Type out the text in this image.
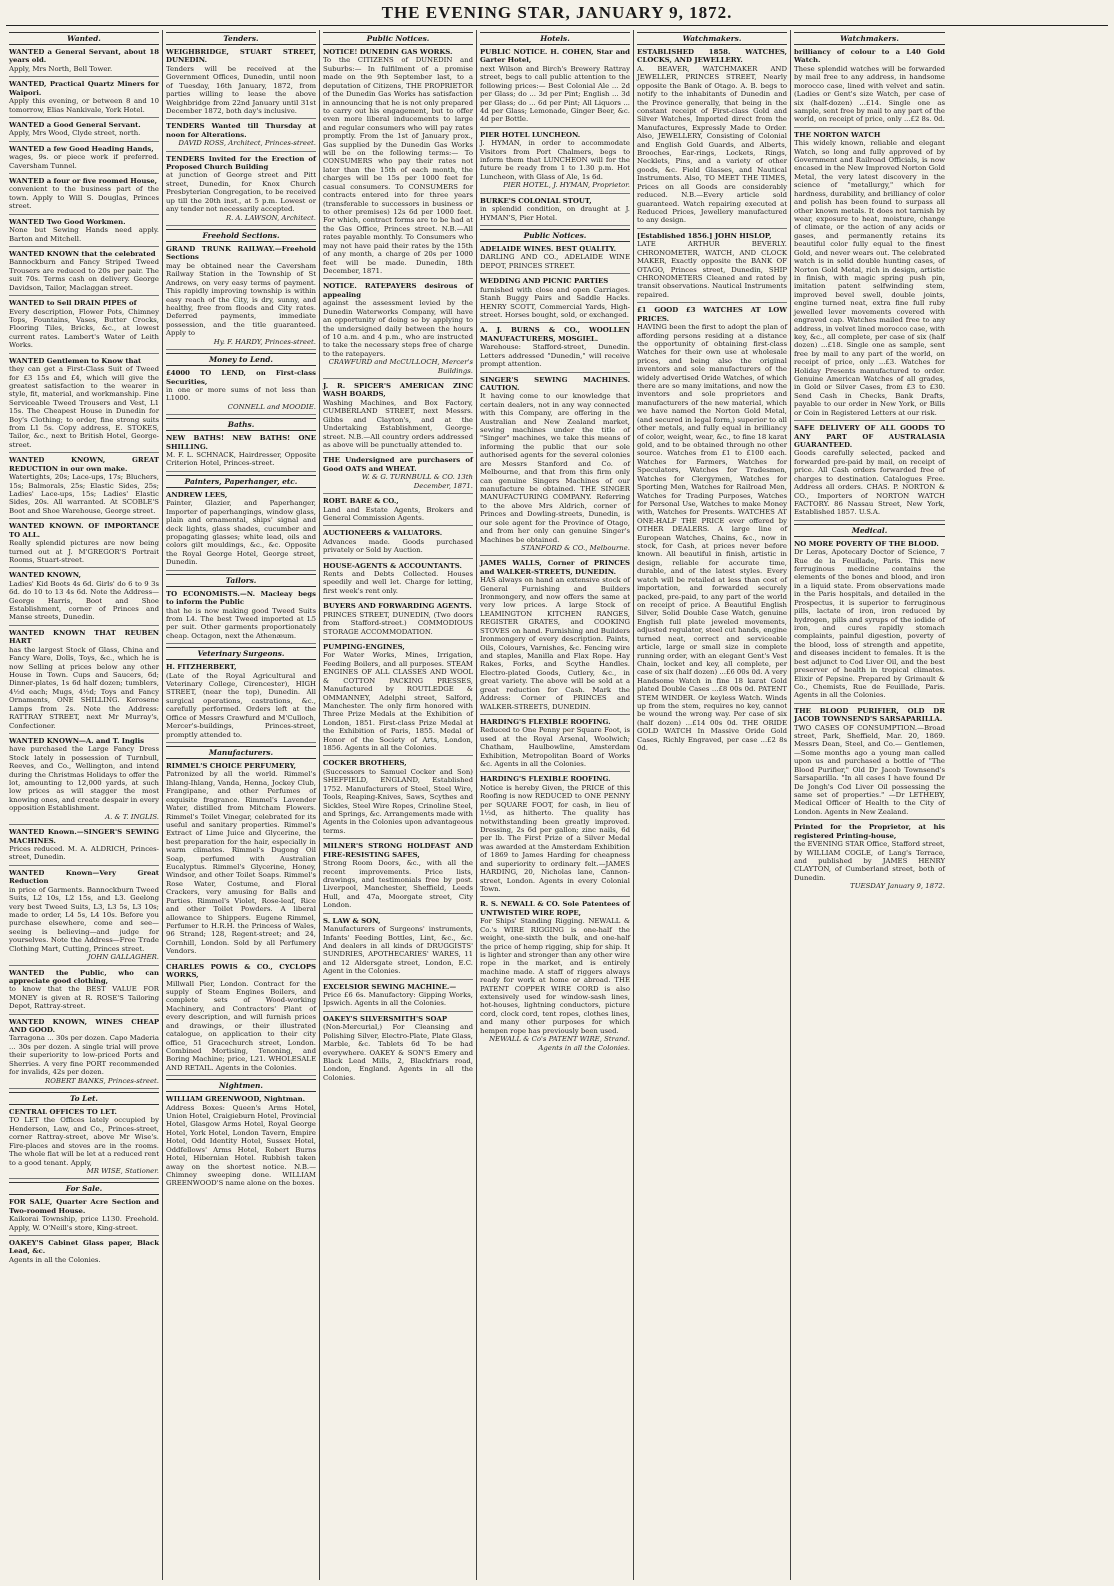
THE EVENING STAR, JANUARY 9, 1872.
Wanted.
WANTED a General Servant, about 18 years old.
Apply, Mrs North, Bell Tower.
WANTED, Practical Quartz Miners for Waipori.
Apply this evening, or between 8 and 10 tomorrow, Elias Nankivale, York Hotel.
WANTED a Good General Servant.
Apply, Mrs Wood, Clyde street, north.
WANTED a few Good Heading Hands,
wages, 9s. or piece work if preferred. Caversham Tunnel.
WANTED a four or five roomed House,
convenient to the business part of the town. Apply to Will S. Douglas, Princes street.
WANTED Two Good Workmen.
None but Sewing Hands need apply. Barton and Mitchell.
WANTED KNOWN that the celebrated
Bannockburn and Fancy Striped Tweed Trousers are reduced to 20s per pair. The suit 70s. Terms cash on delivery. George Davidson, Tailor, Maclaggan street.
WANTED to Sell DRAIN PIPES of
Every description, Flower Pots, Chimney Tops, Fountains, Vases, Butter Crocks, Flooring Tiles, Bricks, &c., at lowest current rates. Lambert's Water of Leith Works.
WANTED Gentlemen to Know that
they can get a First-Class Suit of Tweed for £3 15s and £4, which will give the greatest satisfaction to the wearer in style, fit, material, and workmanship. Fine Serviceable Tweed Trousers and Vest, L1 15s. The Cheapest House in Dunedin for Boy's Clothing; to order, fine strong suits from L1 5s. Copy address, E. STOKES, Tailor, &c., next to British Hotel, George-street.
WANTED KNOWN, GREAT REDUCTION in our own make.
Watertights, 20s; Lace-ups, 17s; Bluchers, 15s; Balmorals, 25s; Elastic Sides, 25s; Ladies' Lace-ups, 15s; Ladies' Elastic Sides, 20s. All warranted. At SCOBLE'S Boot and Shoe Warehouse, George street.
WANTED KNOWN. OF IMPORTANCE TO ALL.
Really splendid pictures are now being turned out at J. M'GREGOR'S Portrait Rooms, Stuart-street.
WANTED KNOWN,
Ladies' Kid Boots 4s 6d. Girls' do 6 to 9 3s 6d. do 10 to 13 4s 6d. Note the Address—George Harris, Boot and Shoe Establishment, corner of Princes and Manse streets, Dunedin.
WANTED KNOWN THAT REUBEN HART
has the largest Stock of Glass, China and Fancy Ware, Dolls, Toys, &c., which he is now Selling at prices below any other House in Town. Cups and Saucers, 6d; Dinner-plates, 1s 6d half dozen; tumblers, 4½d each; Mugs, 4½d; Toys and Fancy Ornaments, ONE SHILLING. Kerosene Lamps from 2s. Note the Address: RATTRAY STREET, next Mr Murray's, Confectioner.
WANTED KNOWN—A. and T. Inglis
have purchased the Large Fancy Dress Stock lately in possession of Turnbull, Reeves, and Co., Wellington, and intend during the Christmas Holidays to offer the lot, amounting to 12,000 yards, at such low prices as will stagger the most knowing ones, and create despair in every opposition Establishment.
A. & T. INGLIS.
WANTED Known.—SINGER'S SEWING MACHINES.
Prices reduced. M. A. ALDRICH, Princes-street, Dunedin.
WANTED Known—Very Great Reduction
in price of Garments. Bannockburn Tweed Suits, L2 10s, L2 15s, and L3. Geelong very best Tweed Suits, L3, L3 5s, L3 10s; made to order, L4 5s, L4 10s. Before you purchase elsewhere, come and see—seeing is believing—and judge for yourselves. Note the Address—Free Trade Clothing Mart, Cutting, Princes street.
JOHN GALLAGHER.
WANTED the Public, who can appreciate good clothing,
to know that the BEST VALUE FOR MONEY is given at R. ROSE'S Tailoring Depot, Rattray-street.
WANTED KNOWN, WINES CHEAP AND GOOD.
Tarragona ... 30s per dozen. Capo Maderia ... 30s per dozen. A single trial will prove their superiority to low-priced Ports and Sherries. A very fine PORT recommended for invalids, 42s per dozen.
ROBERT BANKS, Princes-street.
To Let.
CENTRAL OFFICES TO LET.
TO LET the Offices lately occupied by Henderson, Law, and Co., Princes-street, corner Rattray-street, above Mr Wise's. Fire-places and stoves are in the rooms. The whole flat will be let at a reduced rent to a good tenant. Apply,
MR WISE, Stationer.
For Sale.
FOR SALE, Quarter Acre Section and Two-roomed House.
Kaikorai Township, price L130. Freehold. Apply, W. O'Neill's store, King-street.
OAKEY'S Cabinet Glass paper, Black Lead, &c.
Agents in all the Colonies.
Tenders.
WEIGHBRIDGE, STUART STREET, DUNEDIN.
Tenders will be received at the Government Offices, Dunedin, until noon of Tuesday, 16th January, 1872, from parties willing to lease the above Weighbridge from 22nd January until 31st December 1872, both day's inclusive.
TENDERS Wanted till Thursday at noon for Alterations.
DAVID ROSS, Architect, Princes-street.
TENDERS Invited for the Erection of Proposed Church Building
at junction of George street and Pitt street, Dunedin, for Knox Church Presbyterian Congregation, to be received up till the 20th inst., at 5 p.m. Lowest or any tender not necessarily accepted.
R. A. LAWSON, Architect.
Freehold Sections.
GRAND TRUNK RAILWAY.—Freehold Sections
may be obtained near the Caversham Railway Station in the Township of St Andrews, on very easy terms of payment. This rapidly improving township is within easy reach of the City, is dry, sunny, and healthy, free from floods and City rates. Deferred payments, immediate possession, and the title guaranteed. Apply to
Hy. F. HARDY, Princes-street.
Money to Lend.
£4000 TO LEND, on First-class Securities,
in one or more sums of not less than L1000.
CONNELL and MOODIE.
Baths.
NEW BATHS! NEW BATHS! ONE SHILLING.
M. F. L. SCHNACK, Hairdresser, Opposite Criterion Hotel, Princes-street.
Painters, Paperhanger, etc.
ANDREW LEES,
Painter, Glazier, and Paperhanger, Importer of paperhangings, window glass, plain and ornamental, ships' signal and deck lights, glass shades, cucumber and propagating glasses; white lead, oils and colors gilt mouldings, &c., &c. Opposite the Royal George Hotel, George street, Dunedin.
Tailors.
TO ECONOMISTS.—N. Macleay begs to inform the Public
that he is now making good Tweed Suits from L4. The best Tweed imported at L5 per suit. Other garments proportionately cheap. Octagon, next the Athenæum.
Veterinary Surgeons.
H. FITZHERBERT,
(Late of the Royal Agricultural and Veterinary College, Cirencester), HIGH STREET, (near the top), Dunedin. All surgical operations, castrations, &c., carefully performed. Orders left at the Office of Messrs Crawfurd and M'Culloch, Mercer's-buildings, Princes-street, promptly attended to.
Manufacturers.
RIMMEL'S CHOICE PERFUMERY,
Patronized by all the world. Rimmel's Ihlang-Ihlang, Vanda, Henna, Jockey Club, Frangipane, and other Perfumes of exquisite fragrance. Rimmel's Lavender Water, distilled from Mitcham Flowers. Rimmel's Toilet Vinegar, celebrated for its useful and sanitary properties. Rimmel's Extract of Lime Juice and Glycerine, the best preparation for the hair, especially in warm climates. Rimmel's Dugong Oil Soap, perfumed with Australian Eucalyptus. Rimmel's Glycerine, Honey, Windsor, and other Toilet Soaps. Rimmel's Rose Water, Costume, and Floral Crackers, very amusing for Balls and Parties. Rimmel's Violet, Rose-leaf, Rice and other Toilet Powders. A liberal allowance to Shippers. Eugene Rimmel, Perfumer to H.R.H. the Princess of Wales, 96 Strand; 128, Regent-street; and 24, Cornhill, London. Sold by all Perfumery Vendors.
CHARLES POWIS & CO., CYCLOPS WORKS,
Millwall Pier, London. Contract for the supply of Steam Engines Boilers, and complete sets of Wood-working Machinery, and Contractors' Plant of every description, and will furnish prices and drawings, or their illustrated catalogue, on application to their city office, 51 Gracechurch street, London. Combined Mortising, Tenoning, and Boring Machine; price, L21. WHOLESALE AND RETAIL. Agents in the Colonies.
Nightmen.
WILLIAM GREENWOOD, Nightman.
Address Boxes: Queen's Arms Hotel, Union Hotel, Craigieburn Hotel, Provincial Hotel, Glasgow Arms Hotel, Royal George Hotel, York Hotel, London Tavern, Empire Hotel, Odd Identity Hotel, Sussex Hotel, Oddfellows' Arms Hotel, Robert Burns Hotel, Hibernian Hotel. Rubbish taken away on the shortest notice. N.B.—Chimney sweeping done. WILLIAM GREENWOOD'S name alone on the boxes.
Public Notices.
NOTICE! DUNEDIN GAS WORKS.
To the CITIZENS of DUNEDIN and Suburbs:— In fulfilment of a promise made on the 9th September last, to a deputation of Citizens, THE PROPRIETOR of the Dunedin Gas Works has satisfaction in announcing that he is not only prepared to carry out his engagement, but to offer even more liberal inducements to large and regular consumers who will pay rates promptly. From the 1st of January prox., Gas supplied by the Dunedin Gas Works will be on the following terms:— To CONSUMERS who pay their rates not later than the 15th of each month, the charges will be 15s per 1000 feet for casual consumers. To CONSUMERS for contracts entered into for three years (transferable to successors in business or to other premises) 12s 6d per 1000 feet. For which, contract forms are to be had at the Gas Office, Princes street. N.B.—All rates payable monthly. To Consumers who may not have paid their rates by the 15th of any month, a charge of 20s per 1000 feet will be made. Dunedin, 18th December, 1871.
NOTICE. RATEPAYERS desirous of appealing
against the assessment levied by the Dunedin Waterworks Company, will have an opportunity of doing so by applying to the undersigned daily between the hours of 10 a.m. and 4 p.m., who are instructed to take the necessary steps free of charge to the ratepayers.
CRAWFURD and McCULLOCH, Mercer's Buildings.
J. R. SPICER'S AMERICAN ZINC WASH BOARDS,
Washing Machines, and Box Factory, CUMBERLAND STREET, next Messrs. Gibbs and Clayton's, and at the Undertaking Establishment, George-street. N.B.—All country orders addressed as above will be punctually attended to.
THE Undersigned are purchasers of Good OATS and WHEAT.
W. & G. TURNBULL & CO. 13th December, 1871.
ROBT. BARE & CO.,
Land and Estate Agents, Brokers and General Commission Agents.
AUCTIONEERS & VALUATORS.
Advances made. Goods purchased privately or Sold by Auction.
HOUSE-AGENTS & ACCOUNTANTS.
Rents and Debts Collected. Houses speedily and well let. Charge for letting, first week's rent only.
BUYERS AND FORWARDING AGENTS.
PRINCES STREET, DUNEDIN, (Two doors from Stafford-street.) COMMODIOUS STORAGE ACCOMMODATION.
PUMPING-ENGINES,
For Water Works, Mines, Irrigation, Feeding Boilers, and all purposes. STEAM ENGINES OF ALL CLASSES AND WOOL & COTTON PACKING PRESSES, Manufactured by ROUTLEDGE & OMMANNEY, Adelphi street, Salford, Manchester. The only firm honored with Three Prize Medals at the Exhibition of London, 1851. First-class Prize Medal at the Exhibition of Paris, 1855. Medal of Honor of the Society of Arts, London, 1856. Agents in all the Colonies.
COCKER BROTHERS,
(Successors to Samuel Cocker and Son) SHEFFIELD, ENGLAND, Established 1752. Manufacturers of Steel, Steel Wire, Tools, Reaping-Knives, Saws, Scythes and Sickles, Steel Wire Ropes, Crinoline Steel, and Springs, &c. Arrangements made with Agents in the Colonies upon advantageous terms.
MILNER'S STRONG HOLDFAST AND FIRE-RESISTING SAFES,
Strong Room Doors, &c., with all the recent improvements. Price lists, drawings, and testimonials free by post. Liverpool, Manchester, Sheffield, Leeds Hull, and 47a, Moorgate street, City London.
S. LAW & SON,
Manufacturers of Surgeons' instruments, Infants' Feeding Bottles, Lint, &c., &c. And dealers in all kinds of DRUGGISTS' SUNDRIES, APOTHECARIES' WARES, 11 and 12 Aldersgate street, London, E.C. Agent in the Colonies.
EXCELSIOR SEWING MACHINE.—
Price £6 6s. Manufactory: Gipping Works, Ipswich. Agents in all the Colonies.
OAKEY'S SILVERSMITH'S SOAP
(Non-Mercurial,) For Cleansing and Polishing Silver, Electro-Plate, Plate Glass, Marble, &c. Tablets 6d To be had everywhere. OAKEY & SON'S Emery and Black Lead Mills, 2, Blackfriars road, London, England. Agents in all the Colonies.
Hotels.
PUBLIC NOTICE. H. COHEN, Star and Garter Hotel,
next Wilson and Birch's Brewery Rattray street, begs to call public attention to the following prices:— Best Colonial Ale ... 2d per Glass; do ... 3d per Pint; English ... 3d per Glass; do ... 6d per Pint; All Liquors ... 4d per Glass; Lemonade, Ginger Beer, &c. 4d per Bottle.
PIER HOTEL LUNCHEON.
J. HYMAN, in order to accommodate Visitors from Port Chalmers, begs to inform them that LUNCHEON will for the future be ready from 1 to 1.30 p.m. Hot Luncheon, with Glass of Ale, 1s 6d.
PIER HOTEL, J. HYMAN, Proprietor.
BURKE'S COLONIAL STOUT,
in splendid condition, on draught at J. HYMAN'S, Pier Hotel.
Public Notices.
ADELAIDE WINES. BEST QUALITY.
DARLING AND CO., ADELAIDE WINE DEPOT, PRINCES STREET.
WEDDING AND PICNIC PARTIES
furnished with close and open Carriages. Stanh Buggy Pairs and Saddle Hacks. HENRY SCOTT, Commercial Yards, High-street. Horses bought, sold, or exchanged.
A. J. BURNS & CO., WOOLLEN MANUFACTURERS, MOSGIEL.
Warehouse: Stafford-street, Dunedin. Letters addressed "Dunedin," will receive prompt attention.
SINGER'S SEWING MACHINES. CAUTION.
It having come to our knowledge that certain dealers, not in any way connected with this Company, are offering in the Australian and New Zealand market, sewing machines under the title of "Singer" machines, we take this means of informing the public that our sole authorised agents for the several colonies are Messrs Stanford and Co. of Melbourne, and that from this firm only can genuine Singers Machines of our manufacture be obtained. THE SINGER MANUFACTURING COMPANY. Referring to the above Mrs Aldrich, corner of Princes and Dowling-streets, Dunedin, is our sole agent for the Province of Otago, and from her only can genuine Singer's Machines be obtained.
STANFORD & CO., Melbourne.
JAMES WALLS, Corner of PRINCES and WALKER-STREETS, DUNEDIN.
HAS always on hand an extensive stock of General Furnishing and Builders Ironmongery, and now offers the same at very low prices. A large Stock of LEAMINGTON KITCHEN RANGES, REGISTER GRATES, and COOKING STOVES on hand. Furnishing and Builders Ironmongery of every description. Paints, Oils, Colours, Varnishes, &c. Fencing wire and staples, Manilla and Flax Rope. Hay Rakes, Forks, and Scythe Handles. Electro-plated Goods, Cutlery, &c., in great variety. The above will be sold at a great reduction for Cash. Mark the Address: Corner of PRINCES and WALKER-STREETS, DUNEDIN.
HARDING'S FLEXIBLE ROOFING.
Reduced to One Penny per Square Foot, is used at the Royal Arsenal, Woolwich; Chatham, Haulbowline, Amsterdam Exhibition, Metropolitan Board of Works &c. Agents in all the Colonies.
HARDING'S FLEXIBLE ROOFING.
Notice is hereby Given, the PRICE of this Roofing is now REDUCED to ONE PENNY per SQUARE FOOT, for cash, in lieu of 1½d, as hitherto. The quality has notwithstanding been greatly improved. Dressing, 2s 6d per gallon; zinc nails, 6d per lb. The First Prize of a Silver Medal was awarded at the Amsterdam Exhibition of 1869 to James Harding for cheapness and superiority to ordinary felt.—JAMES HARDING, 20, Nicholas lane, Cannon-street, London. Agents in every Colonial Town.
R. S. NEWALL & CO. Sole Patentees of UNTWISTED WIRE ROPE,
For Ships' Standing Rigging. NEWALL & Co.'s WIRE RIGGING is one-half the weight, one-sixth the bulk, and one-half the price of hemp rigging, ship for ship. It is lighter and stronger than any other wire rope in the market, and is entirely machine made. A staff of riggers always ready for work at home or abroad. THE PATENT COPPER WIRE CORD is also extensively used for window-sash lines, hot-houses, lightning conductors, picture cord, clock cord, tent ropes, clothes lines, and many other purposes for which hempen rope has previously been used.
NEWALL & Co's PATENT WIRE, Strand. Agents in all the Colonies.
Watchmakers.
ESTABLISHED 1858. WATCHES, CLOCKS, AND JEWELLERY.
A. BEAVER, WATCHMAKER AND JEWELLER, PRINCES STREET, Nearly opposite the Bank of Otago. A. B. begs to notify to the inhabitants of Dunedin and the Province generally, that being in the constant receipt of First-class Gold and Silver Watches, Imported direct from the Manufactures, Expressly Made to Order. Also, JEWELLERY, Consisting of Colonial and English Gold Guards, and Alberts, Brooches, Ear-rings, Lockets, Rings, Necklets, Pins, and a variety of other goods, &c. Field Glasses, and Nautical Instruments. Also, TO MEET THE TIMES, Prices on all Goods are considerably reduced. N.B.—Every article sold guaranteed. Watch repairing executed at Reduced Prices, Jewellery manufactured to any design.
[Established 1856.] JOHN HISLOP,
LATE ARTHUR BEVERLY. CHRONOMETER, WATCH, AND CLOCK MAKER, Exactly opposite the BANK OF OTAGO, Princes street, Dunedin, SHIP CHRONOMETERS Cleaned and rated by transit observations. Nautical Instruments repaired.
£1 GOOD £3 WATCHES AT LOW PRICES.
HAVING been the first to adopt the plan of affording persons residing at a distance the opportunity of obtaining first-class Watches for their own use at wholesale prices, and being also the original inventors and sole manufacturers of the widely advertised Oride Watches, of which there are so many imitations, and now the inventors and sole proprietors and manufacturers of the new material, which we have named the Norton Gold Metal, (and secured in legal form,) superior to all other metals, and fully equal in brilliancy of color, weight, wear, &c., to fine 18 karat gold, and to be obtained through no other source. Watches from £1 to £100 each. Watches for Farmers, Watches for Speculators, Watches for Tradesmen, Watches for Clergymen, Watches for Sporting Men, Watches for Railroad Men, Watches for Trading Purposes, Watches for Personal Use, Watches to make Money with, Watches for Presents. WATCHES AT ONE-HALF THE PRICE ever offered by OTHER DEALERS. A large line of European Watches, Chains, &c., now in stock, for Cash, at prices never before known. All beautiful in finish, artistic in design, reliable for accurate time, durable, and of the latest styles. Every watch will be retailed at less than cost of importation, and forwarded securely packed, pre-paid, to any part of the world on receipt of price. A Beautiful English Silver, Solid Double Case Watch, genuine English full plate jeweled movements, adjusted regulator, steel cut hands, engine turned neat, correct and serviceable article, large or small size in complete running order, with an elegant Gent's Vest Chain, locket and key, all complete, per case of six (half dozen) ...£6 00s 0d. A very Handsome Watch in fine 18 karat Gold plated Double Cases ...£8 00s 0d. PATENT STEM WINDER. Or keyless Watch. Winds up from the stem, requires no key, cannot be wound the wrong way. Per case of six (half dozen) ...£14 00s 0d. THE ORIDE GOLD WATCH In Massive Oride Gold Cases, Richly Engraved, per case ...£2 8s 0d.
Watchmakers.
brilliancy of colour to a L40 Gold Watch.
These splendid watches will be forwarded by mail free to any address, in handsome morocco case, lined with velvet and satin. (Ladies or Gent's size Watch, per case of six (half-dozen) ...£14. Single one as sample, sent free by mail to any part of the world, on receipt of price, only ...£2 8s. 0d.
THE NORTON WATCH
This widely known, reliable and elegant Watch, so long and fully approved of by Government and Railroad Officials, is now encased in the New Improved Norton Gold Metal, the very latest discovery in the science of "metallurgy," which for hardness, durability, and brilliancy of color and polish has been found to surpass all other known metals. It does not tarnish by wear, exposure to heat, moisture, change of climate, or the action of any acids or gases, and permanently retains its beautiful color fully equal to the finest Gold, and never wears out. The celebrated watch is in solid double hunting cases, of Norton Gold Metal, rich in design, artistic in finish, with magic spring push pin, imitation patent selfwinding stem, improved bevel swell, double joints, engine turned neat, extra fine full ruby jewelled lever movements covered with engraved cap. Watches mailed free to any address, in velvet lined morocco case, with key, &c., all complete, per case of six (half dozen) ...£18. Single one as sample, sent free by mail to any part of the world, on receipt of price, only ...£3. Watches for Holiday Presents manufactured to order. Genuine American Watches of all grades, in Gold or Silver Cases, from £3 to £30. Send Cash in Checks, Bank Drafts, payable to our order in New York, or Bills or Coin in Registered Letters at our risk.
SAFE DELIVERY OF ALL GOODS TO ANY PART OF AUSTRALASIA GUARANTEED.
Goods carefully selected, packed and forwarded pre-paid by mail, on receipt of price. All Cash orders forwarded free of charges to destination. Catalogues Free. Address all orders. CHAS. P. NORTON & CO., Importers of NORTON WATCH FACTORY. 86 Nassau Street, New York, Established 1857. U.S.A.
Medical.
NO MORE POVERTY OF THE BLOOD.
Dr Leras, Apotecary Doctor of Science, 7 Rue de la Feuillade, Paris. This new ferruginous medicine contains the elements of the bones and blood, and iron in a liquid state. From observations made in the Paris hospitals, and detailed in the Prospectus, it is superior to ferruginous pills, lactate of iron, iron reduced by hydrogen, pills and syrups of the iodide of iron, and cures rapidly stomach complaints, painful digestion, poverty of the blood, loss of strength and appetite, and diseases incident to females. It is the best adjunct to Cod Liver Oil, and the best preserver of health in tropical climates. Elixir of Pepsine. Prepared by Grimault & Co., Chemists, Rue de Feuillade, Paris. Agents in all the Colonies.
THE BLOOD PURIFIER, OLD DR JACOB TOWNSEND'S SARSAPARILLA.
TWO CASES OF CONSUMPTION.—Broad street, Park, Sheffield, Mar. 20, 1869. Messrs Dean, Steel, and Co.— Gentlemen,—Some months ago a young man called upon us and purchased a bottle of "The Blood Purifier," Old Dr Jacob Townsend's Sarsaparilla. "In all cases I have found Dr De Jongh's Cod Liver Oil possessing the same set of properties." —Dr LETHEBY, Medical Officer of Health to the City of London. Agents in New Zealand.
Printed for the Proprietor, at his registered Printing-house,
the EVENING STAR Office, Stafford street, by WILLIAM COGLE, of Lang's Terrace, and published by JAMES HENRY CLAYTON, of Cumberland street, both of Dunedin.
TUESDAY January 9, 1872.
